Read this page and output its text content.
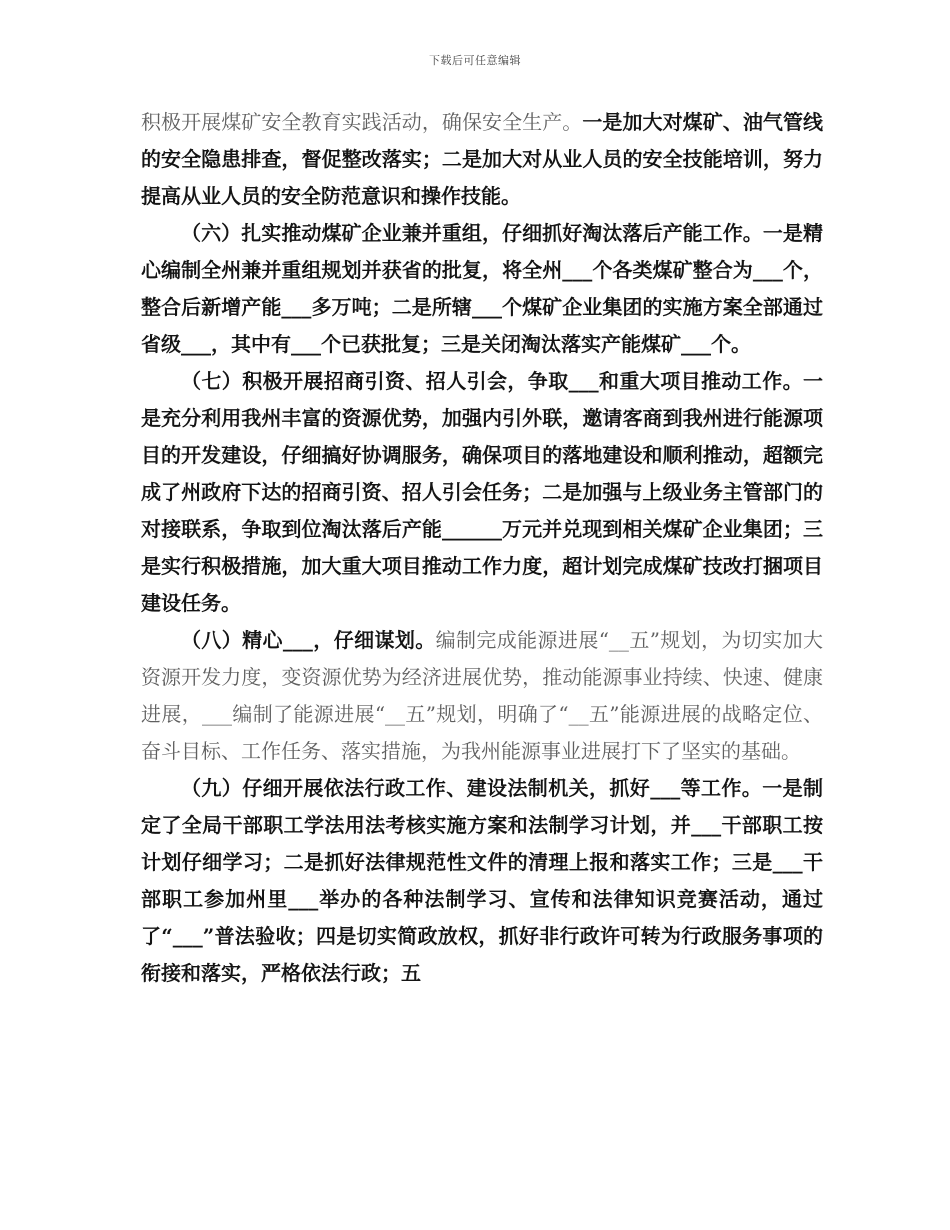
下载后可任意编辑

积极开展煤矿安全教育实践活动，确保安全生产。一是加大对煤矿、油气管线的安全隐患排查，督促整改落实；二是加大对从业人员的安全技能培训，努力提高从业人员的安全防范意识和操作技能。

（六）扎实推动煤矿企业兼并重组，仔细抓好淘汰落后产能工作。一是精心编制全州兼并重组规划并获省的批复，将全州___个各类煤矿整合为___个，整合后新增产能___多万吨；二是所辖___个煤矿企业集团的实施方案全部通过省级___，其中有___个已获批复；三是关闭淘汰落实产能煤矿___个。

（七）积极开展招商引资、招人引会，争取___和重大项目推动工作。一是充分利用我州丰富的资源优势，加强内引外联，邀请客商到我州进行能源项目的开发建设，仔细搞好协调服务，确保项目的落地建设和顺利推动，超额完成了州政府下达的招商引资、招人引会任务；二是加强与上级业务主管部门的对接联系，争取到位淘汰落后产能______万元并兑现到相关煤矿企业集团；三是实行积极措施，加大重大项目推动工作力度，超计划完成煤矿技改打捆项目建设任务。

（八）精心___，仔细谋划。编制完成能源进展“__五”规划，为切实加大资源开发力度，变资源优势为经济进展优势，推动能源事业持续、快速、健康进展，___编制了能源进展“__五”规划，明确了“__五”能源进展的战略定位、奋斗目标、工作任务、落实措施，为我州能源事业进展打下了坚实的基础。

（九）仔细开展依法行政工作、建设法制机关，抓好___等工作。一是制定了全局干部职工学法用法考核实施方案和法制学习计划，并___干部职工按计划仔细学习；二是抓好法律规范性文件的清理上报和落实工作；三是___干部职工参加州里___举办的各种法制学习、宣传和法律知识竞赛活动，通过了“___”普法验收；四是切实简政放权，抓好非行政许可转为行政服务事项的衔接和落实，严格依法行政；五
